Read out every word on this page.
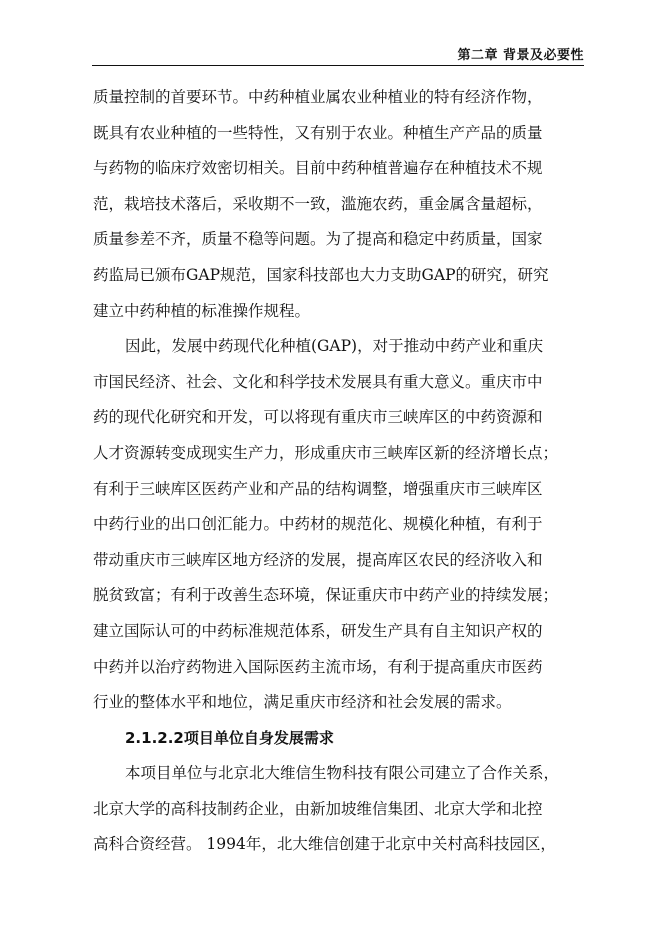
第二章 背景及必要性
质量控制的首要环节。中药种植业属农业种植业的特有经济作物，
既具有农业种植的一些特性，又有别于农业。种植生产产品的质量
与药物的临床疗效密切相关。目前中药种植普遍存在种植技术不规
范，栽培技术落后，采收期不一致，滥施农药，重金属含量超标，
质量参差不齐，质量不稳等问题。为了提高和稳定中药质量，国家
药监局已颁布GAP规范，国家科技部也大力支助GAP的研究，研究
建立中药种植的标准操作规程。
因此，发展中药现代化种植(GAP)，对于推动中药产业和重庆
市国民经济、社会、文化和科学技术发展具有重大意义。重庆市中
药的现代化研究和开发，可以将现有重庆市三峡库区的中药资源和
人才资源转变成现实生产力，形成重庆市三峡库区新的经济增长点；
有利于三峡库区医药产业和产品的结构调整，增强重庆市三峡库区
中药行业的出口创汇能力。中药材的规范化、规模化种植，有利于
带动重庆市三峡库区地方经济的发展，提高库区农民的经济收入和
脱贫致富；有利于改善生态环境，保证重庆市中药产业的持续发展；
建立国际认可的中药标准规范体系，研发生产具有自主知识产权的
中药并以治疗药物进入国际医药主流市场，有利于提高重庆市医药
行业的整体水平和地位，满足重庆市经济和社会发展的需求。
2.1.2.2项目单位自身发展需求
本项目单位与北京北大维信生物科技有限公司建立了合作关系，
北京大学的高科技制药企业，由新加坡维信集团、北京大学和北控
高科合资经营。 1994年，北大维信创建于北京中关村高科技园区，
